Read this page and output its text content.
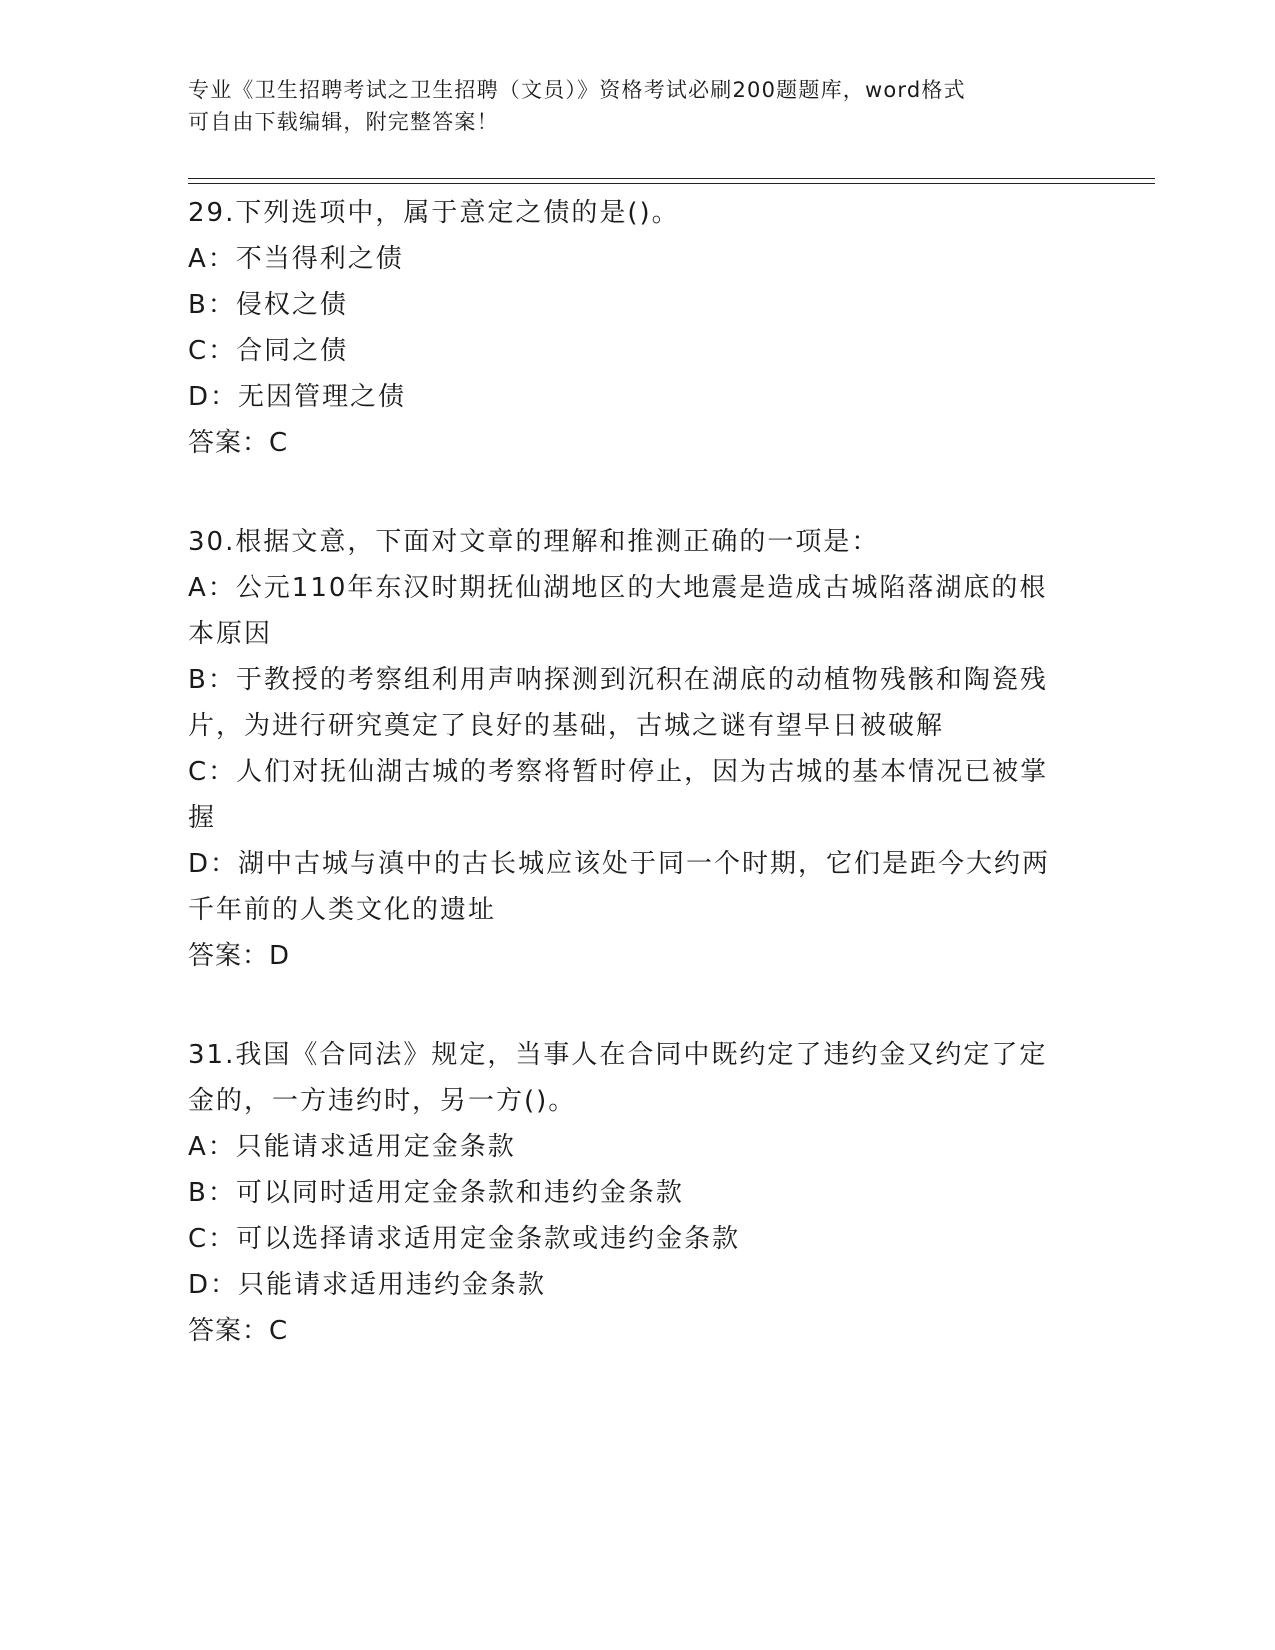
专业《卫生招聘考试之卫生招聘（文员）》资格考试必刷200题题库，word格式
可自由下载编辑，附完整答案！
29.下列选项中，属于意定之债的是()。
A：不当得利之债
B：侵权之债
C：合同之债
D：无因管理之债
答案：C
30.根据文意，下面对文章的理解和推测正确的一项是：
A：公元110年东汉时期抚仙湖地区的大地震是造成古城陷落湖底的根
本原因
B：于教授的考察组利用声呐探测到沉积在湖底的动植物残骸和陶瓷残
片，为进行研究奠定了良好的基础，古城之谜有望早日被破解
C：人们对抚仙湖古城的考察将暂时停止，因为古城的基本情况已被掌
握
D：湖中古城与滇中的古长城应该处于同一个时期，它们是距今大约两
千年前的人类文化的遗址
答案：D
31.我国《合同法》规定，当事人在合同中既约定了违约金又约定了定
金的，一方违约时，另一方()。
A：只能请求适用定金条款
B：可以同时适用定金条款和违约金条款
C：可以选择请求适用定金条款或违约金条款
D：只能请求适用违约金条款
答案：C
